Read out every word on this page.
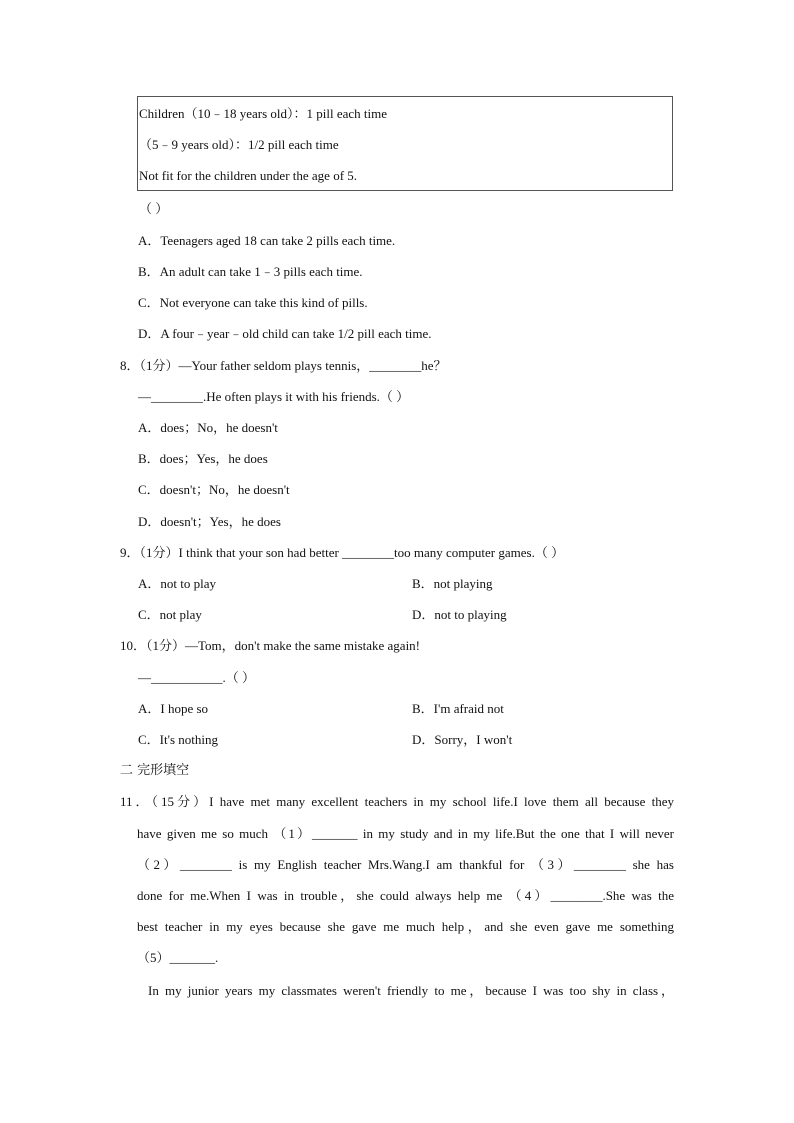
Children（10﹣18 years old）：1 pill each time
（5﹣9 years old）：1/2 pill each time
Not fit for the children under the age of 5.
（ ）
A．Teenagers aged 18 can take 2 pills each time.
B．An adult can take 1﹣3 pills each time.
C．Not everyone can take this kind of pills.
D．A four﹣year﹣old child can take 1/2 pill each time.
8．（1分）—Your father seldom plays tennis，________he？
—________.He often plays it with his friends.（ ）
A．does；No，he doesn't
B．does；Yes，he does
C．doesn't；No，he doesn't
D．doesn't；Yes，he does
9．（1分）I think that your son had better ________too many computer games.（ ）
A．not to play	B．not playing
C．not play	D．not to playing
10．（1分）—Tom，don't make the same mistake again!
—___________.（ ）
A．I hope so	B．I'm afraid not
C．It's nothing	D．Sorry，I won't
二 完形填空
11．（15分）I have met many excellent teachers in my school life.I love them all because they
have given me so much （1）_______ in my study and in my life.But the one that I will never
（2）________ is my English teacher Mrs.Wang.I am thankful for （3）________ she has
done for me.When I was in trouble，she could always help me （4）________.She was the
best teacher in my eyes because she gave me much help，and she even gave me something
（5）_______.
In my junior years my classmates weren't friendly to me，because I was too shy in class，
